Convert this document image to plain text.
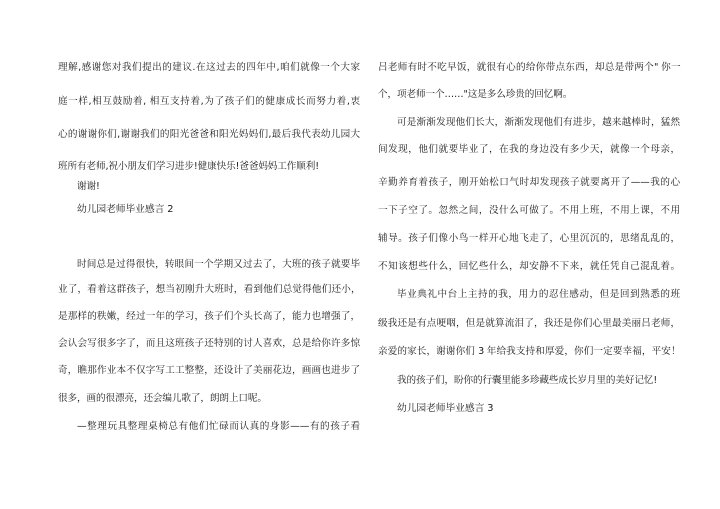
理解,感谢您对我们提出的建议.在这过去的四年中,咱们就像一个大家
庭一样,相互鼓励着, 相互支持着,为了孩子们的健康成长而努力着,衷
心的谢谢你们,谢谢我们的阳光爸爸和阳光妈妈们,最后我代表幼儿园大
班所有老师,祝小朋友们学习进步!健康快乐!爸爸妈妈工作顺利!
谢谢!
幼儿园老师毕业感言 2
时间总是过得很快，转眼间一个学期又过去了，大班的孩子就要毕
业了，看着这群孩子，想当初刚升大班时，看到他们总觉得他们还小，
是那样的秩嫩，经过一年的学习，孩子们个头长高了，能力也增强了，
会认会写很多字了，而且这班孩子还特别的讨人喜欢，总是给你许多惊
奇，瞧那作业本不仅字写工工整整，还设计了美丽花边，画画也进步了
很多，画的很漂亮，还会编儿歌了，朗朗上口呢。
—整理玩具整理桌椅总有他们忙碌而认真的身影——有的孩子看
吕老师有时不吃早饭，就很有心的给你带点东西，却总是带两个" 你一
个，项老师一个……"这是多么珍贵的回忆啊。
可是渐渐发现他们长大，渐渐发现他们有进步，越来越棒时，猛然
间发现，他们就要毕业了，在我的身边没有多少天，就像一个母亲，
辛勤养育着孩子，刚开始松口气时却发现孩子就要离开了——我的心
一下子空了。忽然之间，没什么可做了。不用上班，不用上课，不用
辅导。孩子们像小鸟一样开心地飞走了，心里沉沉的，思绪乱乱的，
不知该想些什么，回忆些什么，却安静不下来，就任凭自己混乱着。
毕业典礼中台上主持的我，用力的忍住感动，但是回到熟悉的班
级我还是有点哽咽，但是就算流泪了，我还是你们心里最美丽吕老师，
亲爱的家长，谢谢你们 3 年给我支持和厚爱，你们一定要幸福，平安！
我的孩子们，盼你的行囊里能多珍藏些成长岁月里的美好记忆!
幼儿园老师毕业感言 3
